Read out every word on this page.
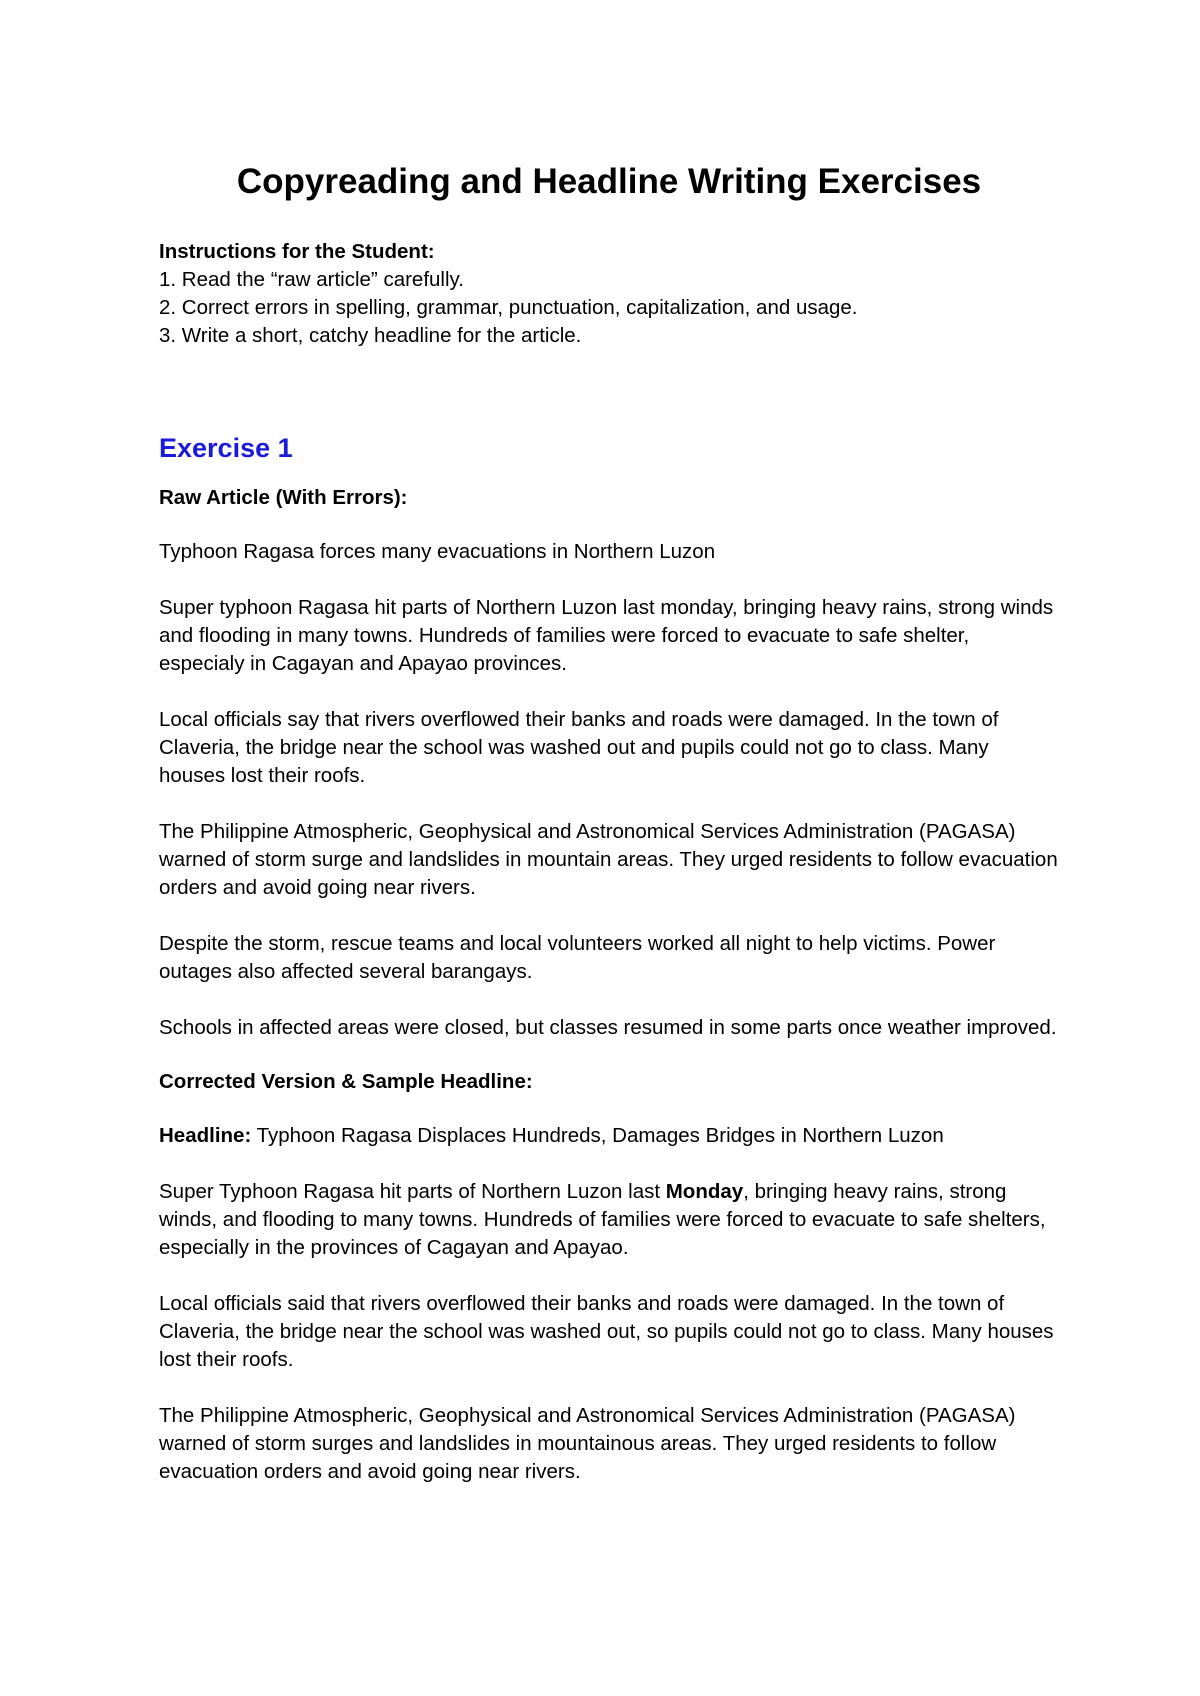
Copyreading and Headline Writing Exercises

Instructions for the Student:

1. Read the “raw article” carefully.
2. Correct errors in spelling, grammar, punctuation, capitalization, and usage.
3. Write a short, catchy headline for the article.
Exercise 1

Raw Article (With Errors):

Typhoon Ragasa forces many evacuations in Northern Luzon

Super typhoon Ragasa hit parts of Northern Luzon last monday, bringing heavy rains, strong winds and flooding in many towns. Hundreds of families were forced to evacuate to safe shelter, especialy in Cagayan and Apayao provinces.

Local officials say that rivers overflowed their banks and roads were damaged. In the town of Claveria, the bridge near the school was washed out and pupils could not go to class. Many houses lost their roofs.

The Philippine Atmospheric, Geophysical and Astronomical Services Administration (PAGASA) warned of storm surge and landslides in mountain areas. They urged residents to follow evacuation orders and avoid going near rivers.

Despite the storm, rescue teams and local volunteers worked all night to help victims. Power outages also affected several barangays.

Schools in affected areas were closed, but classes resumed in some parts once weather improved.

Corrected Version & Sample Headline:

Headline: Typhoon Ragasa Displaces Hundreds, Damages Bridges in Northern Luzon

Super Typhoon Ragasa hit parts of Northern Luzon last Monday, bringing heavy rains, strong winds, and flooding to many towns. Hundreds of families were forced to evacuate to safe shelters, especially in the provinces of Cagayan and Apayao.

Local officials said that rivers overflowed their banks and roads were damaged. In the town of Claveria, the bridge near the school was washed out, so pupils could not go to class. Many houses lost their roofs.

The Philippine Atmospheric, Geophysical and Astronomical Services Administration (PAGASA) warned of storm surges and landslides in mountainous areas. They urged residents to follow evacuation orders and avoid going near rivers.
